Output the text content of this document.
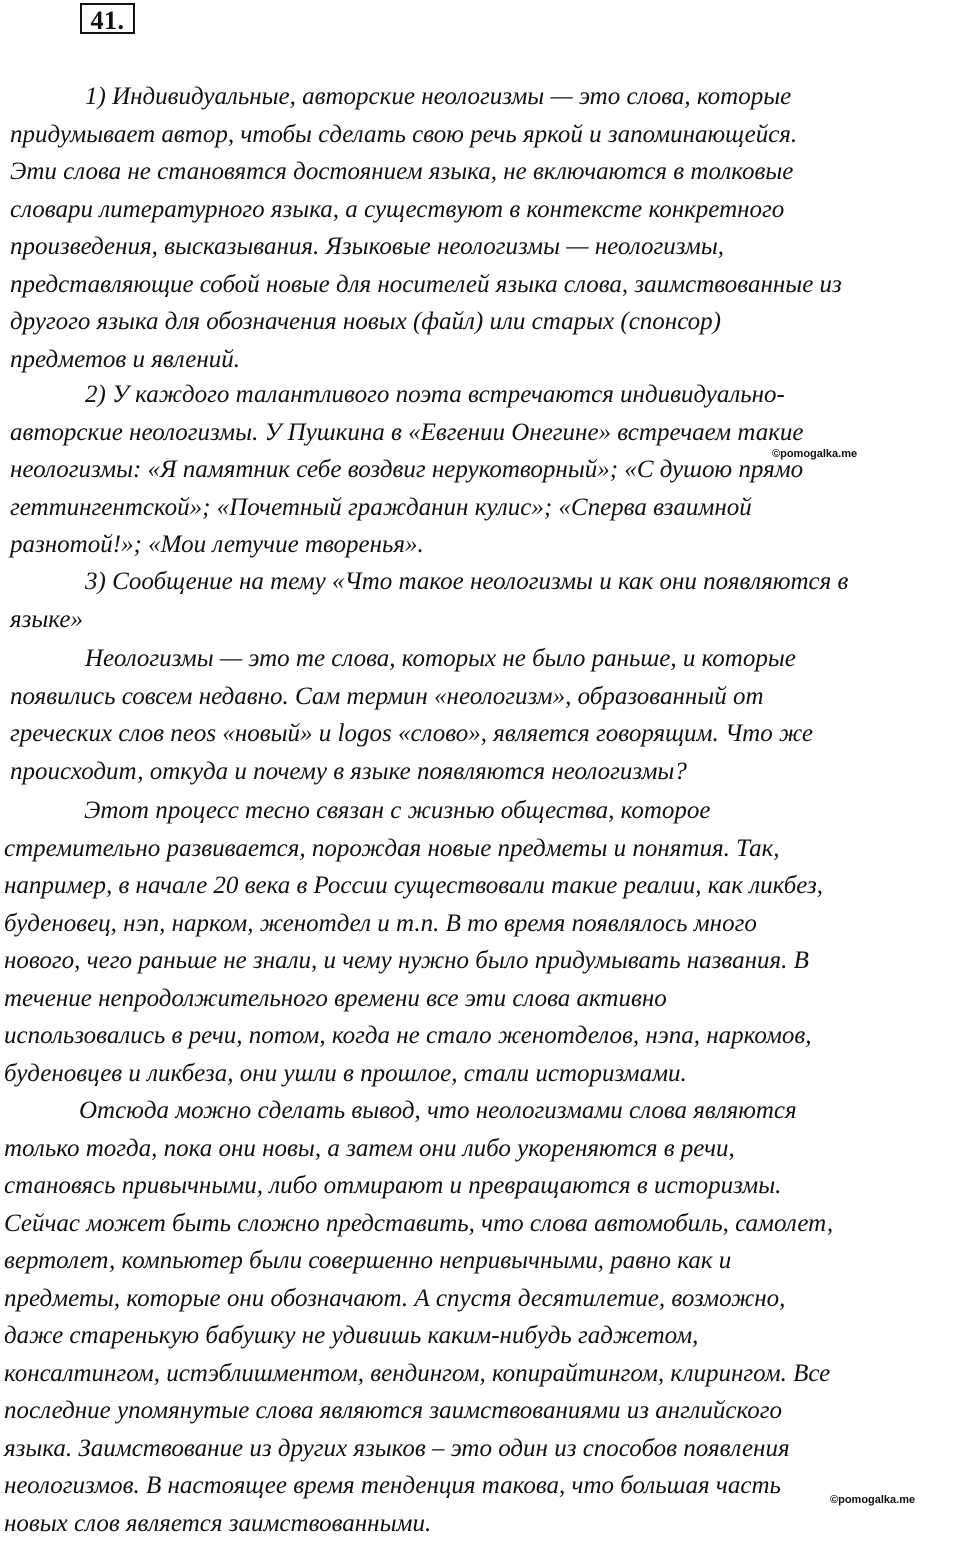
41.
1) Индивидуальные, авторские неологизмы — это слова, которые
придумывает автор, чтобы сделать свою речь яркой и запоминающейся.
Эти слова не становятся достоянием языка, не включаются в толковые
словари литературного языка, а существуют в контексте конкретного
произведения, высказывания. Языковые неологизмы — неологизмы,
представляющие собой новые для носителей языка слова, заимствованные из
другого языка для обозначения новых (файл) или старых (спонсор)
предметов и явлений.
2) У каждого талантливого поэта встречаются индивидуально-
авторские неологизмы. У Пушкина в «Евгении Онегине» встречаем такие
неологизмы: «Я памятник себе воздвиг нерукотворный»; «С душою прямо
геттингентской»; «Почетный гражданин кулис»; «Сперва взаимной
разнотой!»; «Мои летучие творенья».
3) Сообщение на тему «Что такое неологизмы и как они появляются в
языке»
Неологизмы — это те слова, которых не было раньше, и которые
появились совсем недавно. Сам термин «неологизм», образованный от
греческих слов neos «новый» и logos «слово», является говорящим. Что же
происходит, откуда и почему в языке появляются неологизмы?
Этот процесс тесно связан с жизнью общества, которое
стремительно развивается, порождая новые предметы и понятия. Так,
например, в начале 20 века в России существовали такие реалии, как ликбез,
буденовец, нэп, нарком, женотдел и т.п. В то время появлялось много
нового, чего раньше не знали, и чему нужно было придумывать названия. В
течение непродолжительного времени все эти слова активно
использовались в речи, потом, когда не стало женотделов, нэпа, наркомов,
буденовцев и ликбеза, они ушли в прошлое, стали историзмами.
Отсюда можно сделать вывод, что неологизмами слова являются
только тогда, пока они новы, а затем они либо укореняются в речи,
становясь привычными, либо отмирают и превращаются в историзмы.
Сейчас может быть сложно представить, что слова автомобиль, самолет,
вертолет, компьютер были совершенно непривычными, равно как и
предметы, которые они обозначают. А спустя десятилетие, возможно,
даже старенькую бабушку не удивишь каким-нибудь гаджетом,
консалтингом, истэблишментом, вендингом, копирайтингом, клирингом. Все
последние упомянутые слова являются заимствованиями из английского
языка. Заимствование из других языков – это один из способов появления
неологизмов. В настоящее время тенденция такова, что большая часть
новых слов является заимствованными.
©pomogalka.me
©pomogalka.me
